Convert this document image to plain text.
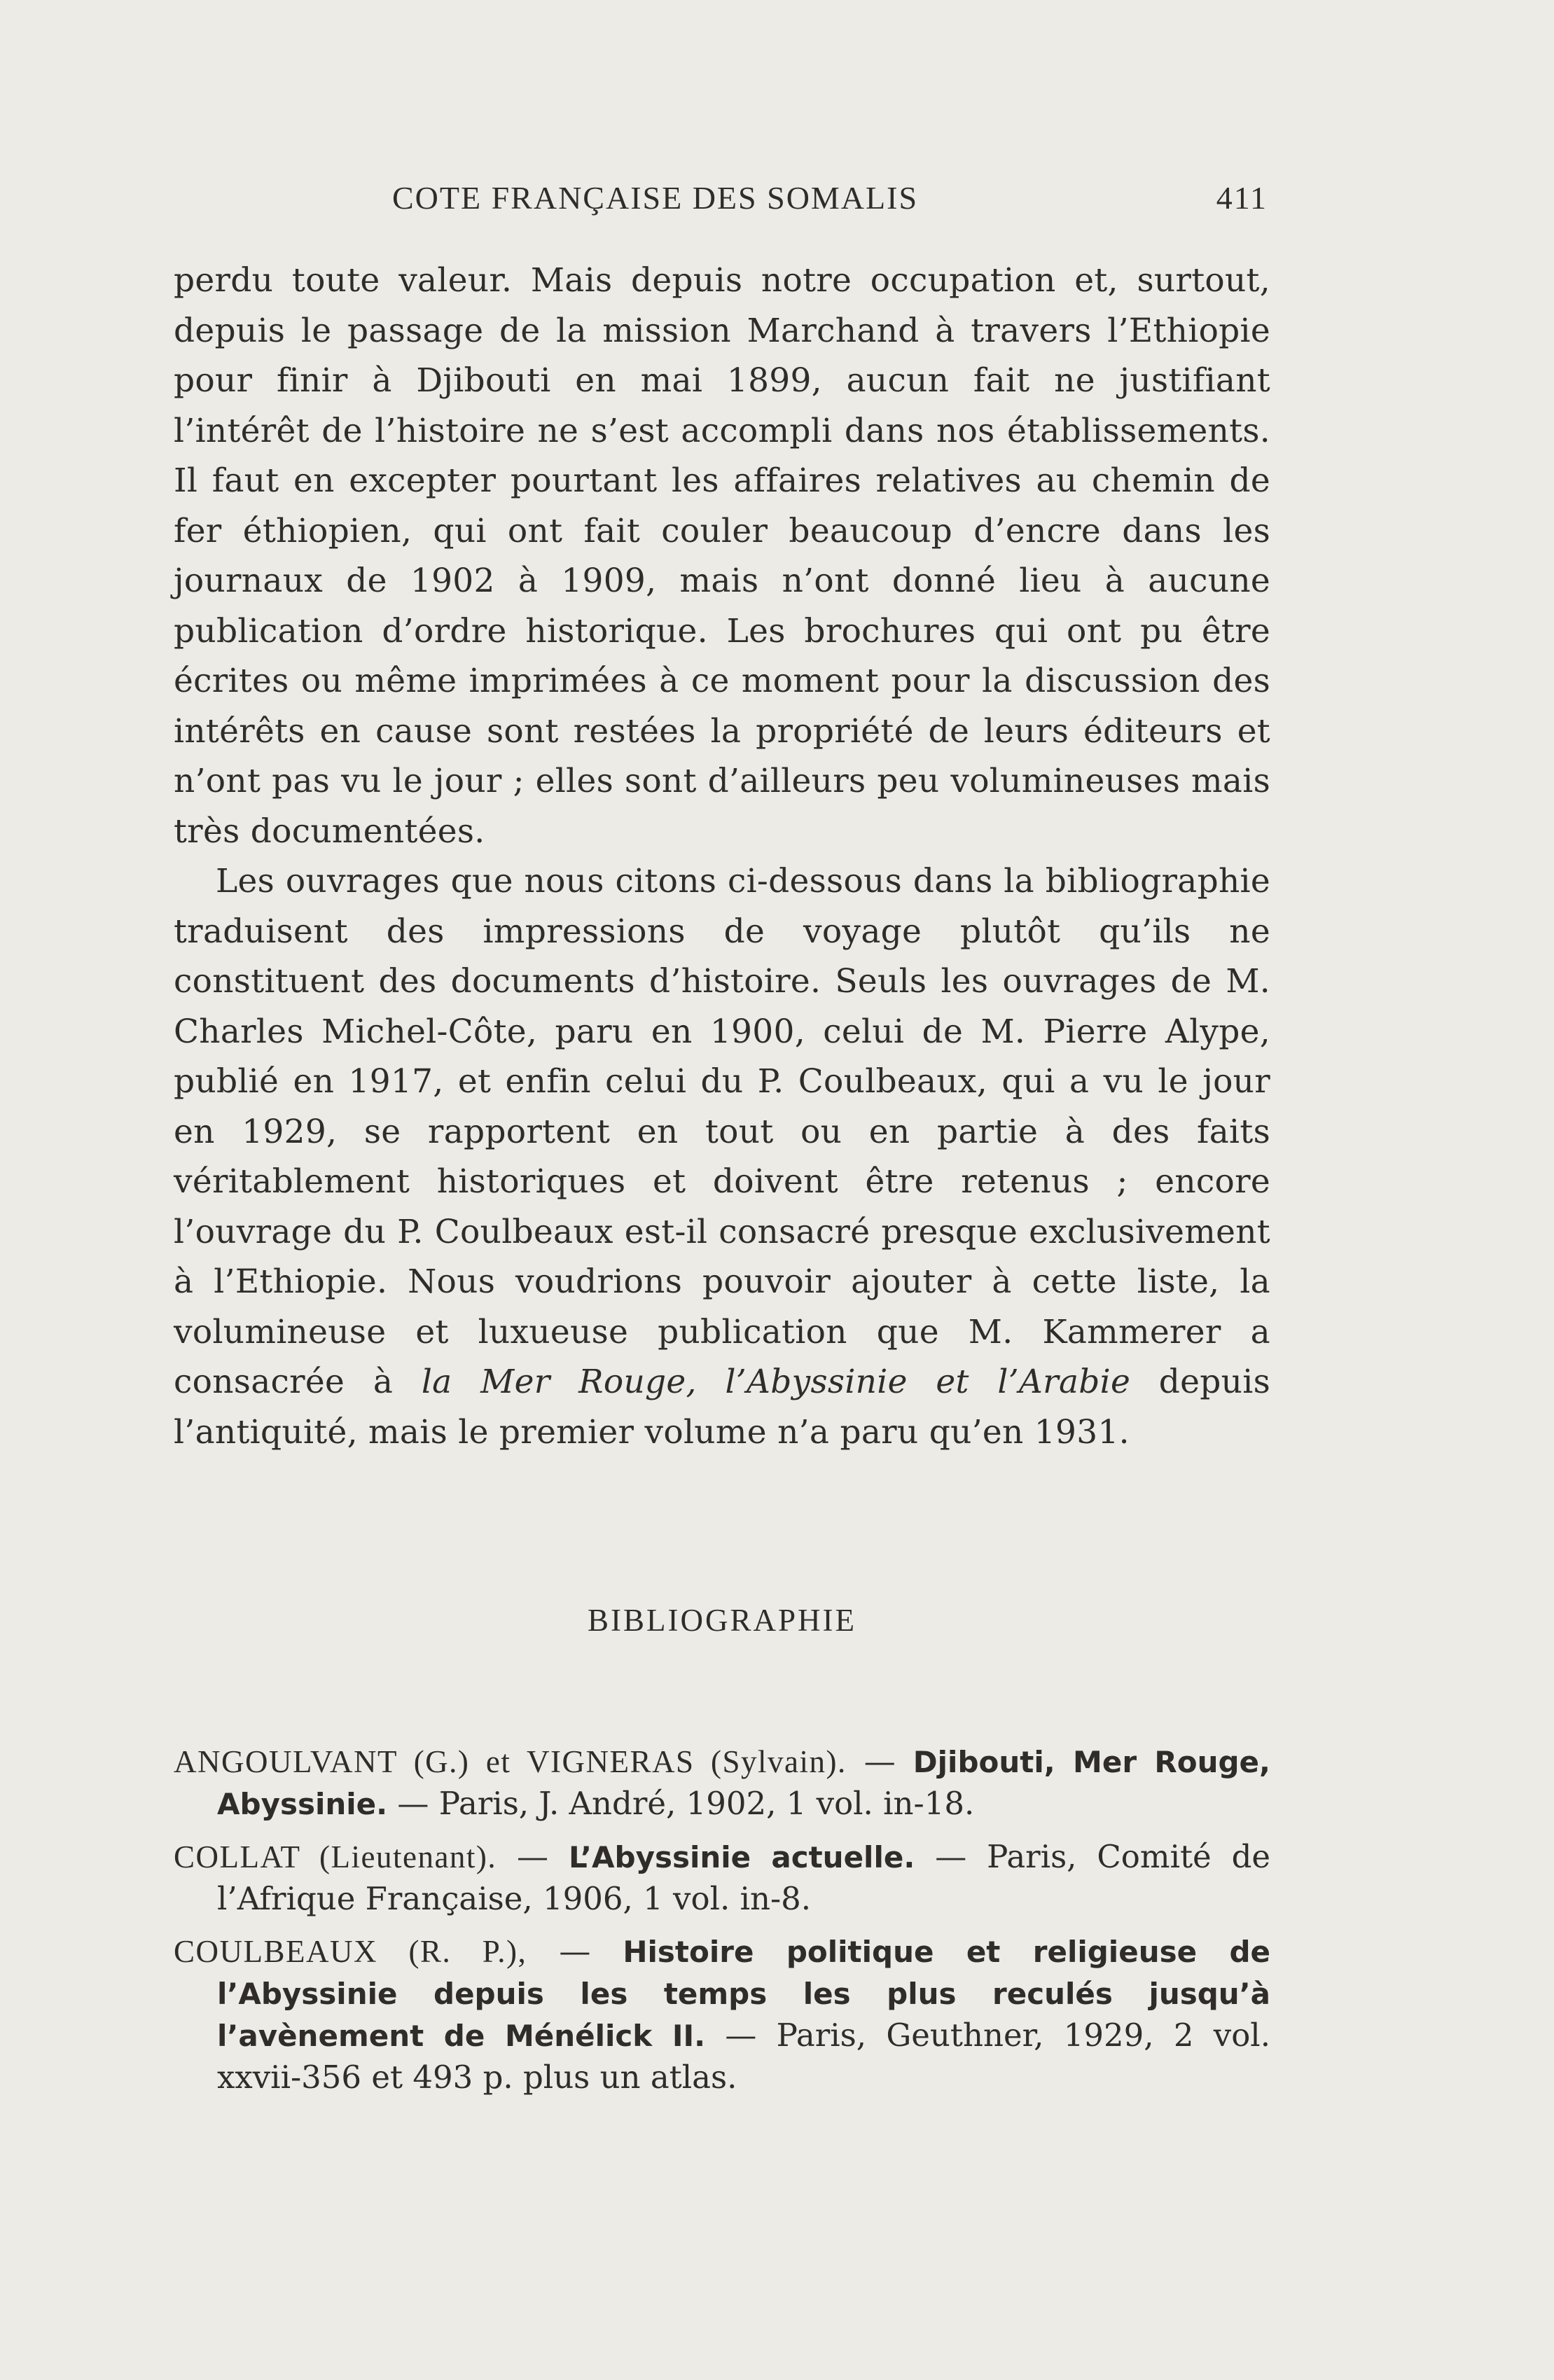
COTE FRANÇAISE DES SOMALIS	411

perdu toute valeur. Mais depuis notre occupation et, surtout, depuis le passage de la mission Marchand à travers l’Ethiopie pour finir à Djibouti en mai 1899, aucun fait ne justifiant l’intérêt de l’histoire ne s’est accompli dans nos établissements. Il faut en excepter pourtant les affaires relatives au chemin de fer éthiopien, qui ont fait couler beaucoup d’encre dans les journaux de 1902 à 1909, mais n’ont donné lieu à aucune publication d’ordre historique. Les brochures qui ont pu être écrites ou même imprimées à ce moment pour la discussion des intérêts en cause sont restées la propriété de leurs éditeurs et n’ont pas vu le jour ; elles sont d’ailleurs peu volumineuses mais très documentées.

Les ouvrages que nous citons ci-dessous dans la bibliographie traduisent des impressions de voyage plutôt qu’ils ne constituent des documents d’histoire. Seuls les ouvrages de M. Charles Michel-Côte, paru en 1900, celui de M. Pierre Alype, publié en 1917, et enfin celui du P. Coulbeaux, qui a vu le jour en 1929, se rapportent en tout ou en partie à des faits véritablement historiques et doivent être retenus ; encore l’ouvrage du P. Coulbeaux est-il consacré presque exclusivement à l’Ethiopie. Nous voudrions pouvoir ajouter à cette liste, la volumineuse et luxueuse publication que M. Kammerer a consacrée à la Mer Rouge, l’Abyssinie et l’Arabie depuis l’antiquité, mais le premier volume n’a paru qu’en 1931.

BIBLIOGRAPHIE

ANGOULVANT (G.) et VIGNERAS (Sylvain). — Djibouti, Mer Rouge, Abyssinie. — Paris, J. André, 1902, 1 vol. in-18.

COLLAT (Lieutenant). — L’Abyssinie actuelle. — Paris, Comité de l’Afrique Française, 1906, 1 vol. in-8.

COULBEAUX (R. P.), — Histoire politique et religieuse de l’Abyssinie depuis les temps les plus reculés jusqu’à l’avènement de Ménélick II. — Paris, Geuthner, 1929, 2 vol. xxvii-356 et 493 p. plus un atlas.
